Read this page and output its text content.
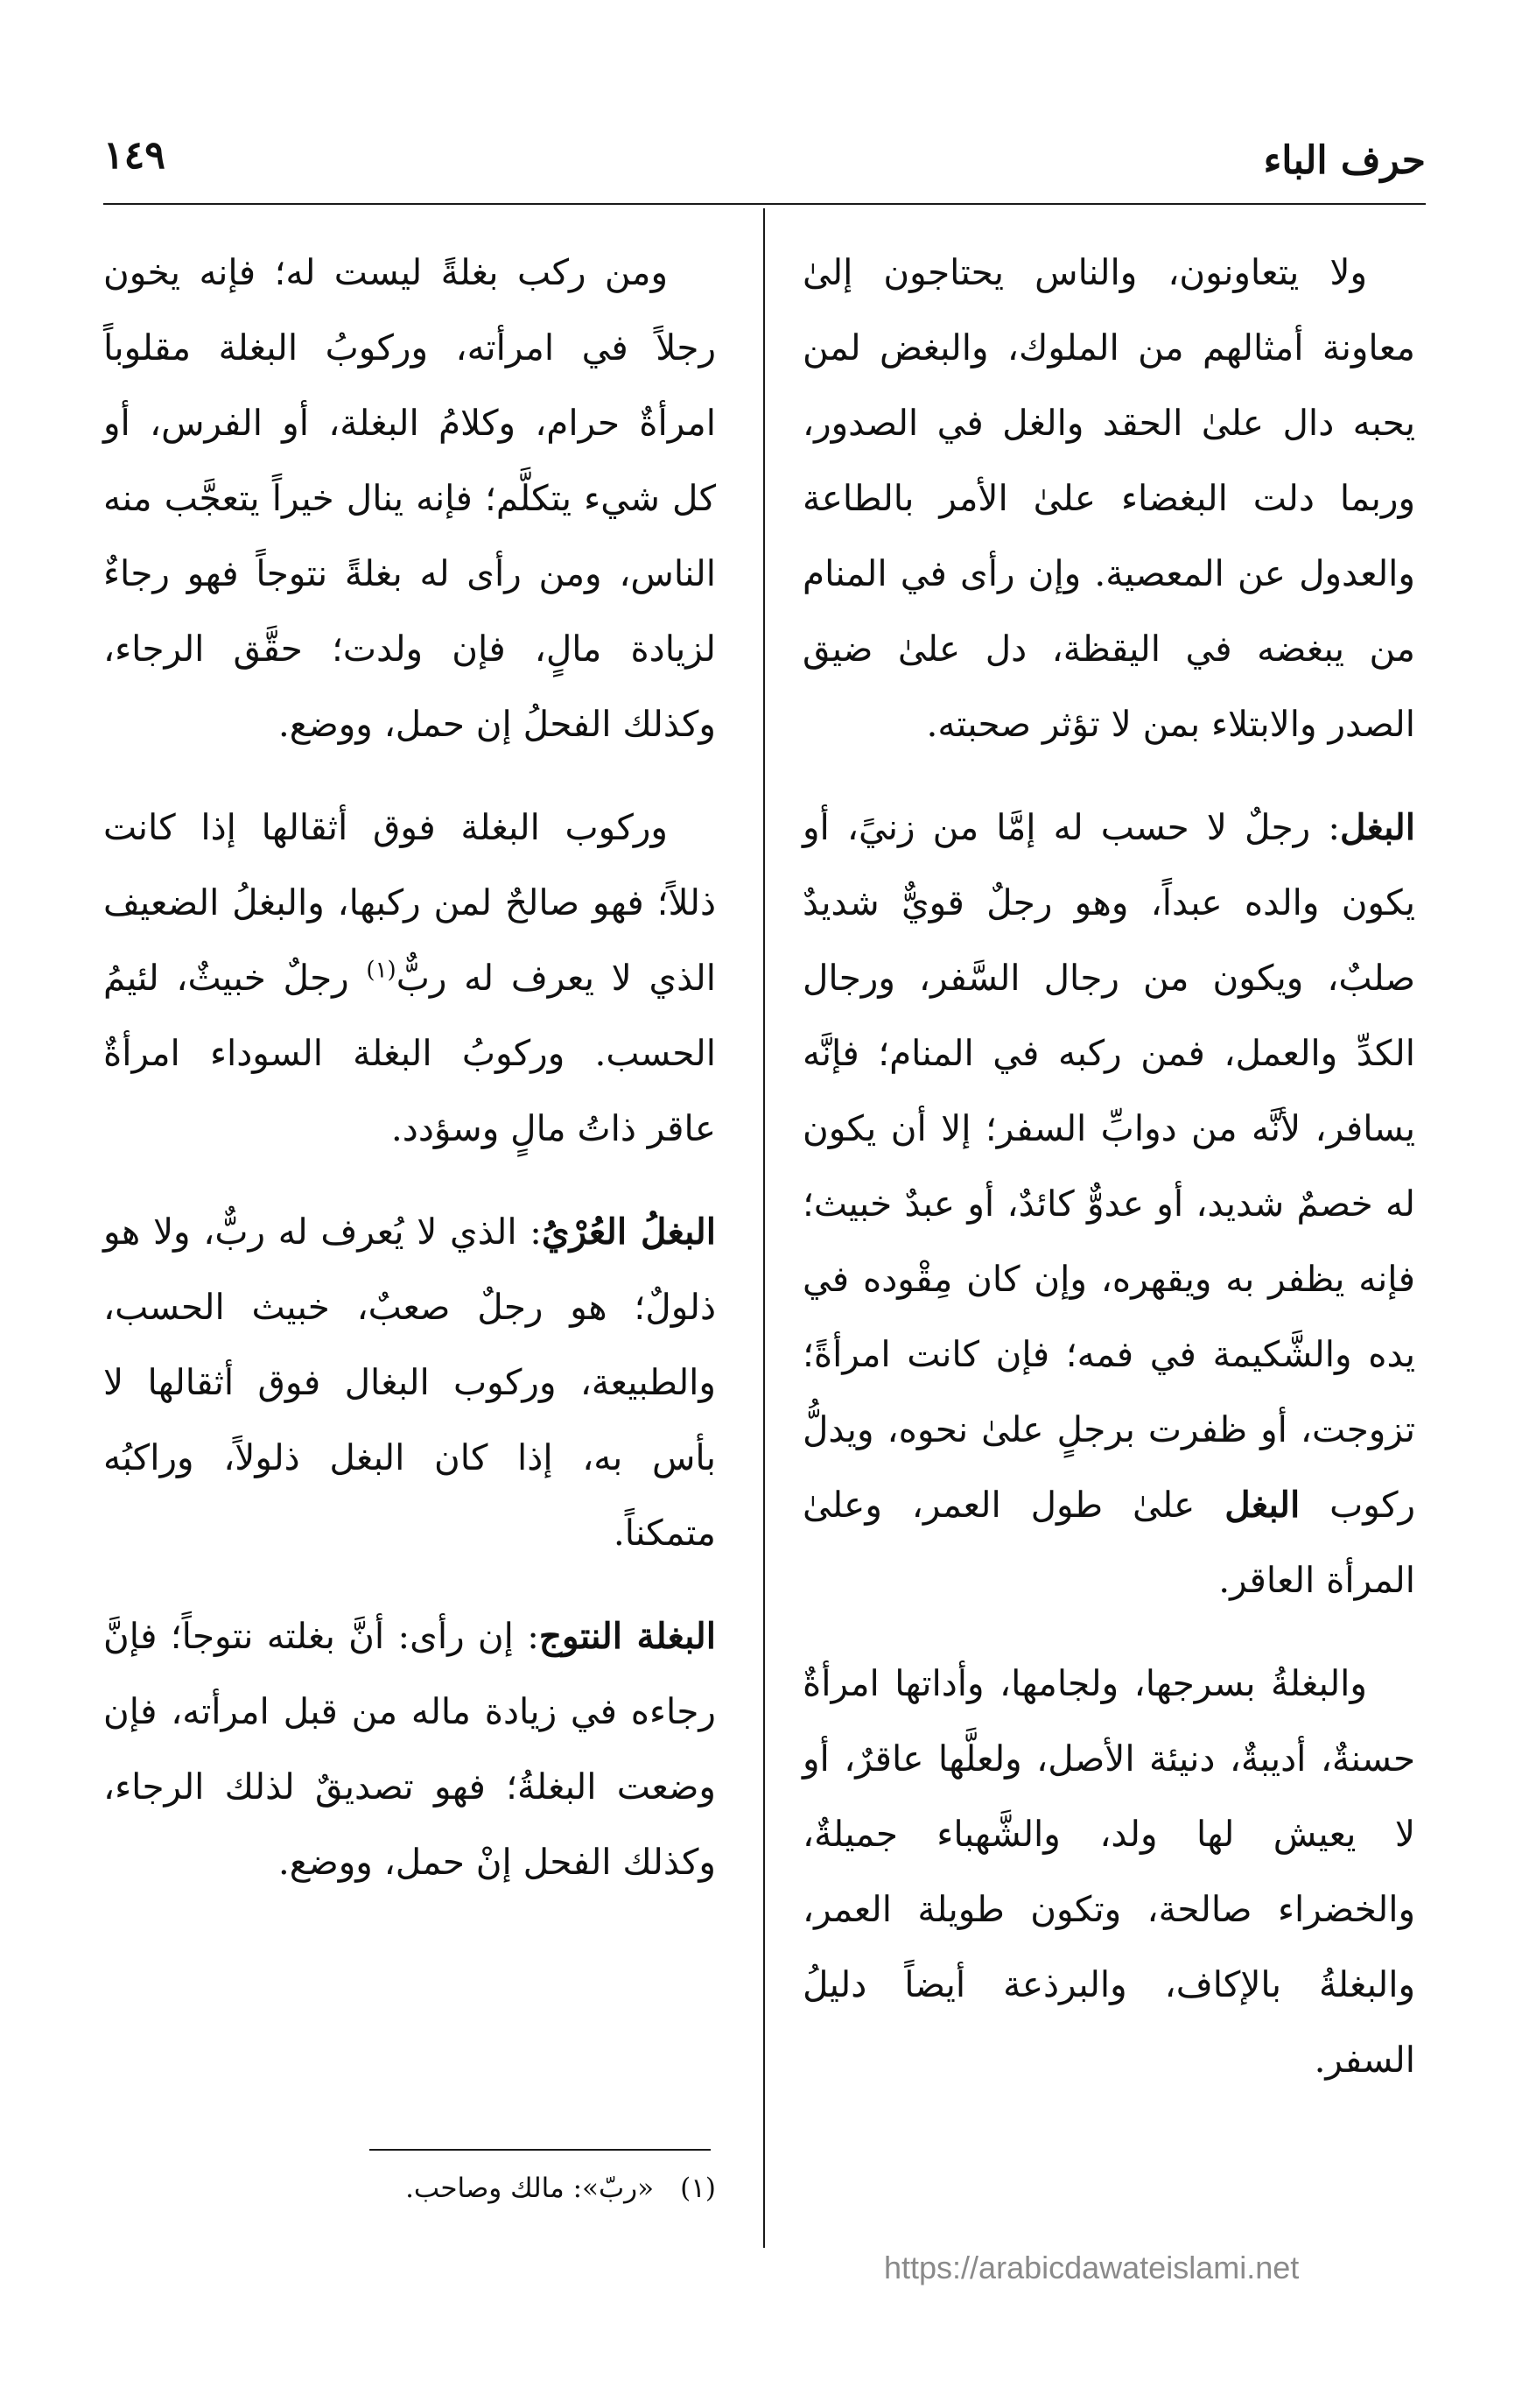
حرف الباء
١٤٩

ولا يتعاونون، والناس يحتاجون إلىٰ معاونة أمثالهم من الملوك، والبغض لمن يحبه دال علىٰ الحقد والغل في الصدور، وربما دلت البغضاء علىٰ الأمر بالطاعة والعدول عن المعصية. وإن رأى في المنام من يبغضه في اليقظة، دل علىٰ ضيق الصدر والابتلاء بمن لا تؤثر صحبته.

البغل: رجلٌ لا حسب له إمَّا من زنيً، أو يكون والده عبداً، وهو رجلٌ قويٌّ شديدٌ صلبٌ، ويكون من رجال السَّفر، ورجال الكدِّ والعمل، فمن ركبه في المنام؛ فإنَّه يسافر، لأنَّه من دوابِّ السفر؛ إلا أن يكون له خصمٌ شديد، أو عدوٌّ كائدٌ، أو عبدٌ خبيث؛ فإنه يظفر به ويقهره، وإن كان مِقْوده في يده والشَّكيمة في فمه؛ فإن كانت امرأةً؛ تزوجت، أو ظفرت برجلٍ علىٰ نحوه، ويدلُّ ركوب البغل علىٰ طول العمر، وعلىٰ المرأة العاقر.

والبغلةُ بسرجها، ولجامها، وأداتها امرأةٌ حسنةٌ، أديبةٌ، دنيئة الأصل، ولعلَّها عاقرٌ، أو لا يعيش لها ولد، والشَّهباء جميلةٌ، والخضراء صالحة، وتكون طويلة العمر، والبغلةُ بالإكاف، والبرذعة أيضاً دليلُ السفر.

ومن ركب بغلةً ليست له؛ فإنه يخون رجلاً في امرأته، وركوبُ البغلة مقلوباً امرأةٌ حرام، وكلامُ البغلة، أو الفرس، أو كل شيء يتكلَّم؛ فإنه ينال خيراً يتعجَّب منه الناس، ومن رأى له بغلةً نتوجاً فهو رجاءٌ لزيادة مالٍ، فإن ولدت؛ حقَّق الرجاء، وكذلك الفحلُ إن حمل، ووضع.

وركوب البغلة فوق أثقالها إذا كانت ذللاً؛ فهو صالحٌ لمن ركبها، والبغلُ الضعيف الذي لا يعرف له ربٌّ$^{(١)}$ رجلٌ خبيثٌ، لئيمُ الحسب. وركوبُ البغلة السوداء امرأةٌ عاقر ذاتُ مالٍ وسؤدد.

البغلُ العُرْيُ: الذي لا يُعرف له ربٌّ، ولا هو ذلولٌ؛ هو رجلٌ صعبٌ، خبيث الحسب، والطبيعة، وركوب البغال فوق أثقالها لا بأس به، إذا كان البغل ذلولاً، وراكبُه متمكناً.

البغلة النتوج: إن رأى: أنَّ بغلته نتوجاً؛ فإنَّ رجاءه في زيادة ماله من قبل امرأته، فإن وضعت البغلةُ؛ فهو تصديقٌ لذلك الرجاء، وكذلك الفحل إنْ حمل، ووضع.

(١)«ربّ»: مالك وصاحب.
https://arabicdawateislami.net
